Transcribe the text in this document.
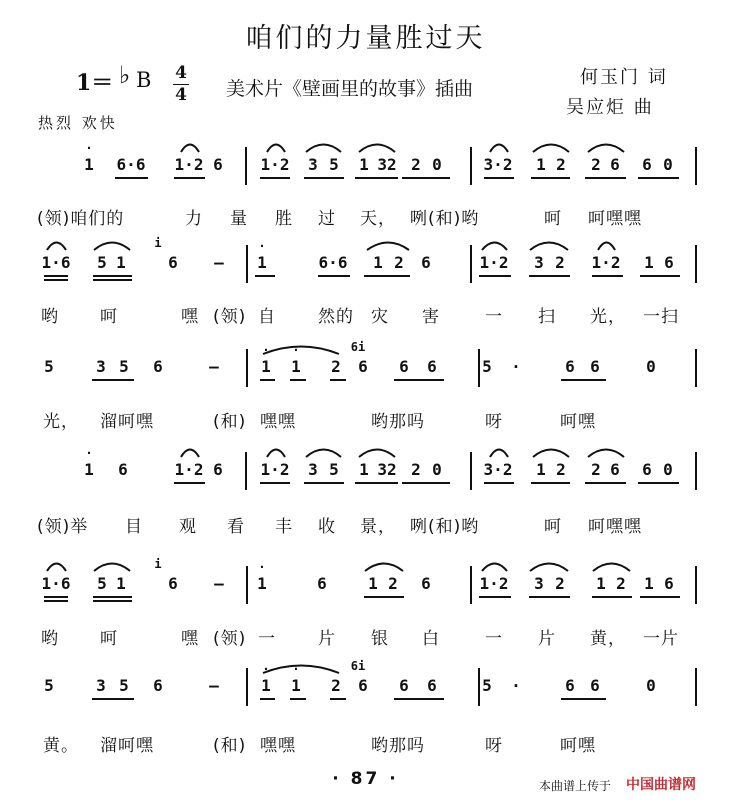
咱们的力量胜过天
1＝ ♭ B 4
4 美术片《壁画里的故事》插曲
何玉门 词
吴应炬 曲
热烈 欢快
1 6·6 1·2 6 1·2 3 5 1 32 2 0	3·2 1 2 2 6 6 0
(领)咱们的	力 量 胜 过 天， 咧(和)哟	呵 呵嘿嘿
1·6 5 1	6 — 1	6·6 1 2 6	1·2 3 2 1·2 1 6
哟 呵	嘿 (领) 自 然的 灾 害	一 扫 光， 一扫
5	3 5 6	—	1 1 2 6 6 6	5 ·	6 6	0
光， 溜呵嘿	(和) 嘿嘿	哟那吗	呀	呵嘿
1 6	1·2 6 1·2 3 5 1 32 2 0	3·2 1 2 2 6 6 0
(领)举 目 观 看 丰 收 景， 咧(和)哟	呵 呵嘿嘿
1·6 5 1	6 — 1	6	1 2 6	1·2 3 2 1 2 1 6
哟 呵	嘿 (领) 一 片 银 白	一 片 黄， 一片
5	3 5 6	—	1 1 2 6 6 6	5 ·	6 6	0
黄。 溜呵嘿	(和) 嘿嘿	哟那吗	呀	呵嘿
·
·
·
·
· ·
· ·
i
i
6i
6i
· 87 ·	本曲谱上传于 中国曲谱网
